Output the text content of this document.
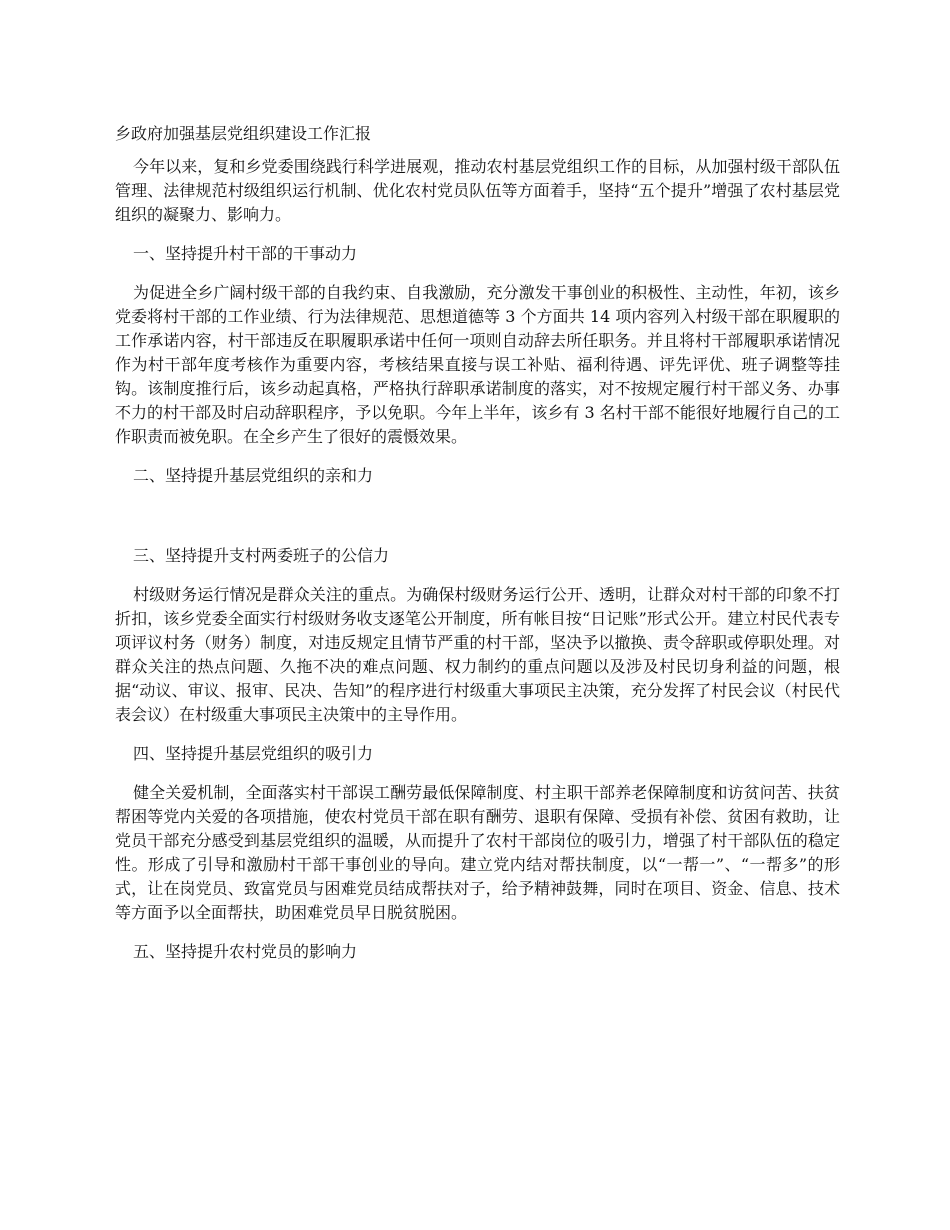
乡政府加强基层党组织建设工作汇报

今年以来，复和乡党委围绕践行科学进展观，推动农村基层党组织工作的目标，从加强村级干部队伍管理、法律规范村级组织运行机制、优化农村党员队伍等方面着手，坚持“五个提升”增强了农村基层党组织的凝聚力、影响力。

一、坚持提升村干部的干事动力

为促进全乡广阔村级干部的自我约束、自我激励，充分激发干事创业的积极性、主动性，年初，该乡党委将村干部的工作业绩、行为法律规范、思想道德等 3 个方面共 14 项内容列入村级干部在职履职的工作承诺内容，村干部违反在职履职承诺中任何一项则自动辞去所任职务。并且将村干部履职承诺情况作为村干部年度考核作为重要内容，考核结果直接与误工补贴、福利待遇、评先评优、班子调整等挂钩。该制度推行后，该乡动起真格，严格执行辞职承诺制度的落实，对不按规定履行村干部义务、办事不力的村干部及时启动辞职程序，予以免职。今年上半年，该乡有 3 名村干部不能很好地履行自己的工作职责而被免职。在全乡产生了很好的震慑效果。

二、坚持提升基层党组织的亲和力

三、坚持提升支村两委班子的公信力

村级财务运行情况是群众关注的重点。为确保村级财务运行公开、透明，让群众对村干部的印象不打折扣，该乡党委全面实行村级财务收支逐笔公开制度，所有帐目按“日记账”形式公开。建立村民代表专项评议村务（财务）制度，对违反规定且情节严重的村干部，坚决予以撤换、责令辞职或停职处理。对群众关注的热点问题、久拖不决的难点问题、权力制约的重点问题以及涉及村民切身利益的问题，根据“动议、审议、报审、民决、告知”的程序进行村级重大事项民主决策，充分发挥了村民会议（村民代表会议）在村级重大事项民主决策中的主导作用。

四、坚持提升基层党组织的吸引力

健全关爱机制，全面落实村干部误工酬劳最低保障制度、村主职干部养老保障制度和访贫问苦、扶贫帮困等党内关爱的各项措施，使农村党员干部在职有酬劳、退职有保障、受损有补偿、贫困有救助，让党员干部充分感受到基层党组织的温暖，从而提升了农村干部岗位的吸引力，增强了村干部队伍的稳定性。形成了引导和激励村干部干事创业的导向。建立党内结对帮扶制度，以“一帮一”、“一帮多”的形式，让在岗党员、致富党员与困难党员结成帮扶对子，给予精神鼓舞，同时在项目、资金、信息、技术等方面予以全面帮扶，助困难党员早日脱贫脱困。

五、坚持提升农村党员的影响力
